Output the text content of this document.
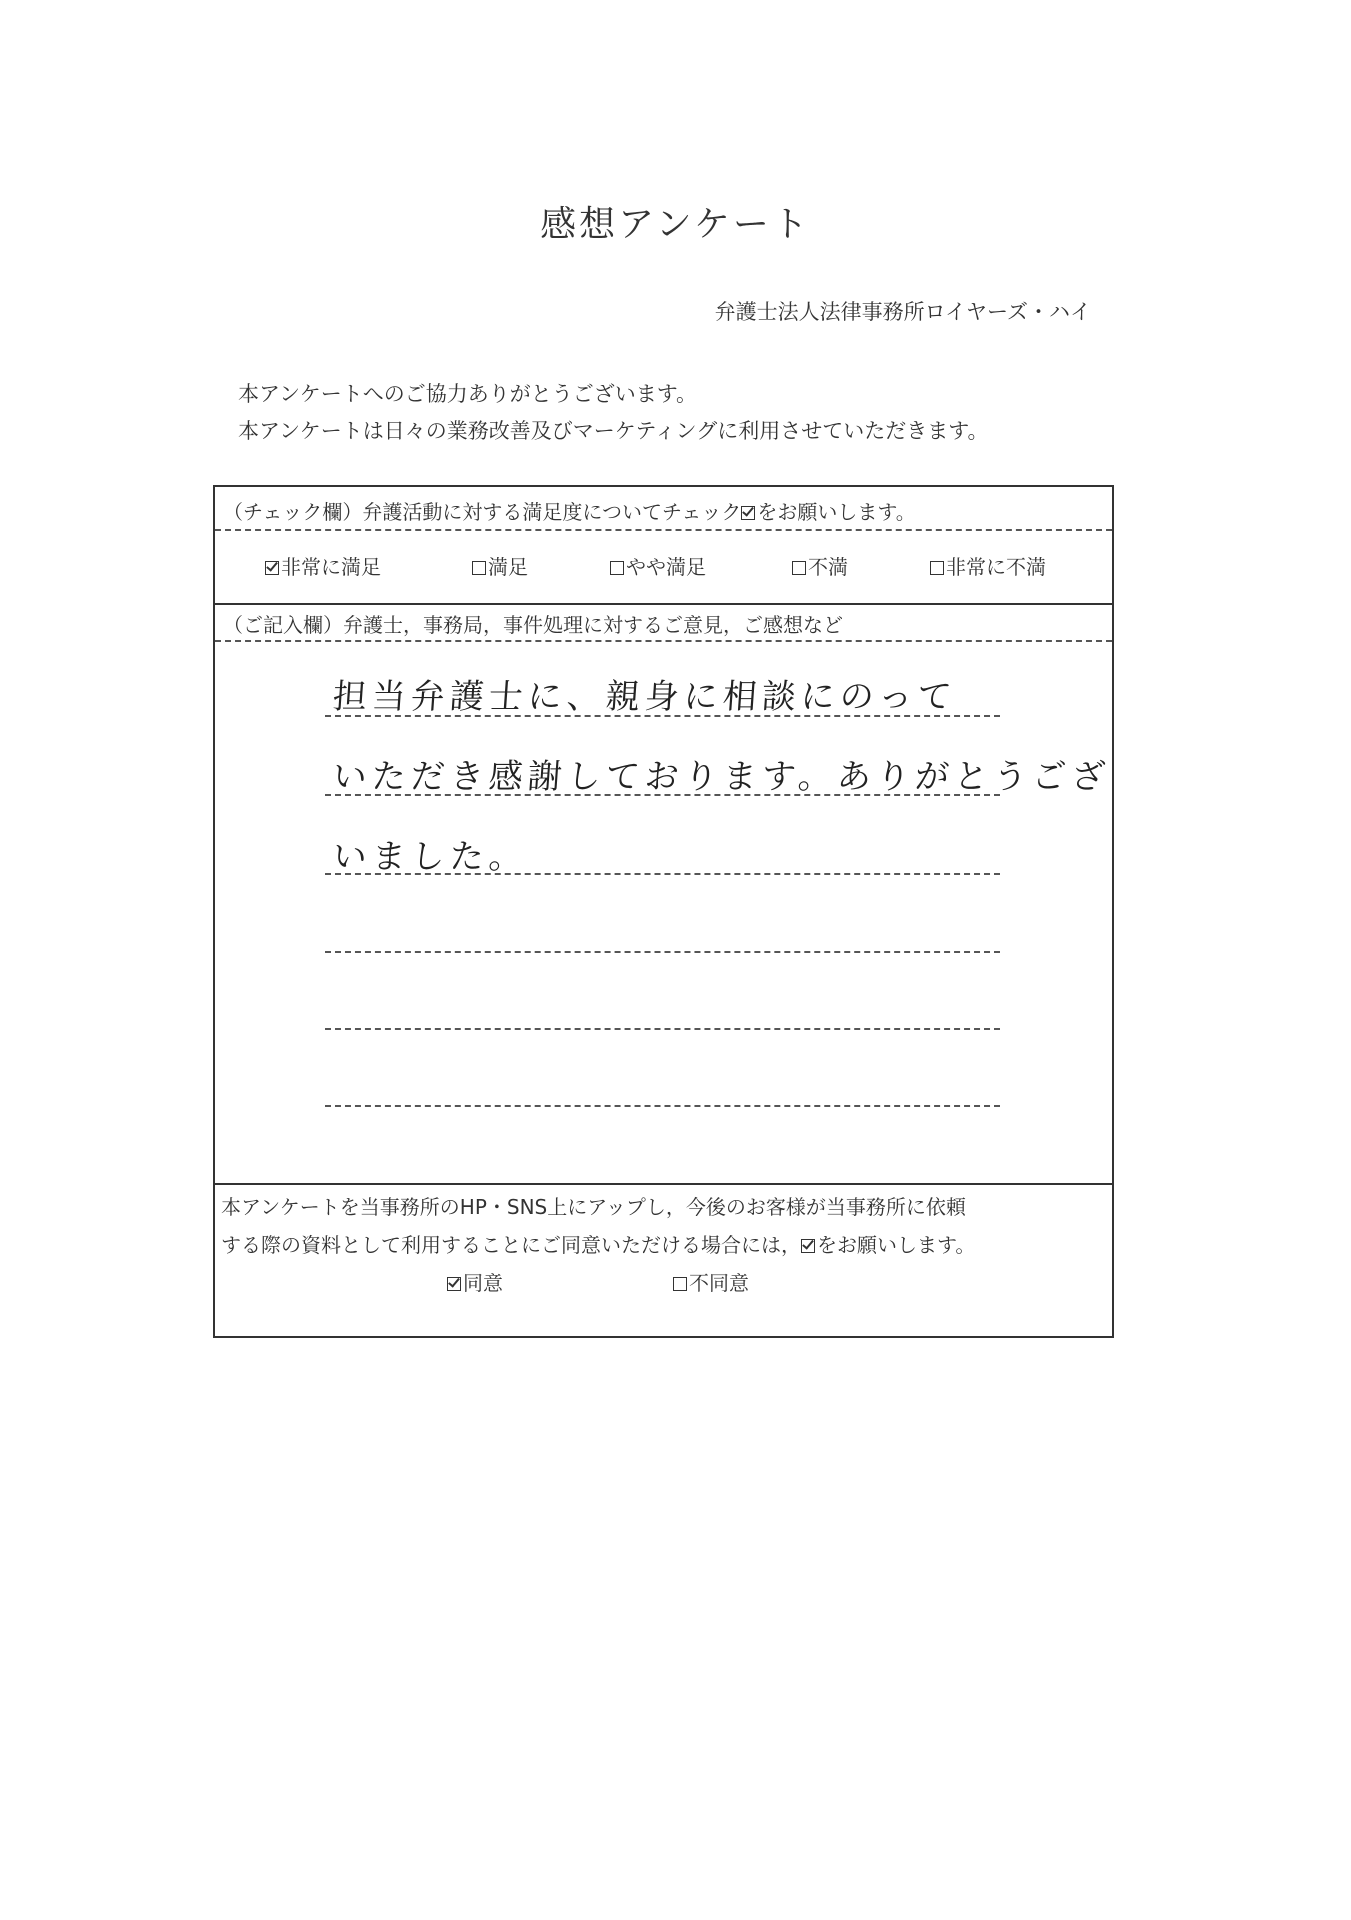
感想アンケート
弁護士法人法律事務所ロイヤーズ・ハイ
本アンケートへのご協力ありがとうございます。
本アンケートは日々の業務改善及びマーケティングに利用させていただきます。
（チェック欄）弁護活動に対する満足度についてチェック をお願いします。
非常に満足	満足	やや満足	不満	非常に不満
（ご記入欄）弁護士，事務局，事件処理に対するご意見，ご感想など
担当弁護士に、親身に相談にのって
いただき感謝しております。ありがとうござ
いました。
本アンケートを当事務所のHP・SNS上にアップし，今後のお客様が当事務所に依頼
する際の資料として利用することにご同意いただける場合には， をお願いします。
同意	不同意
